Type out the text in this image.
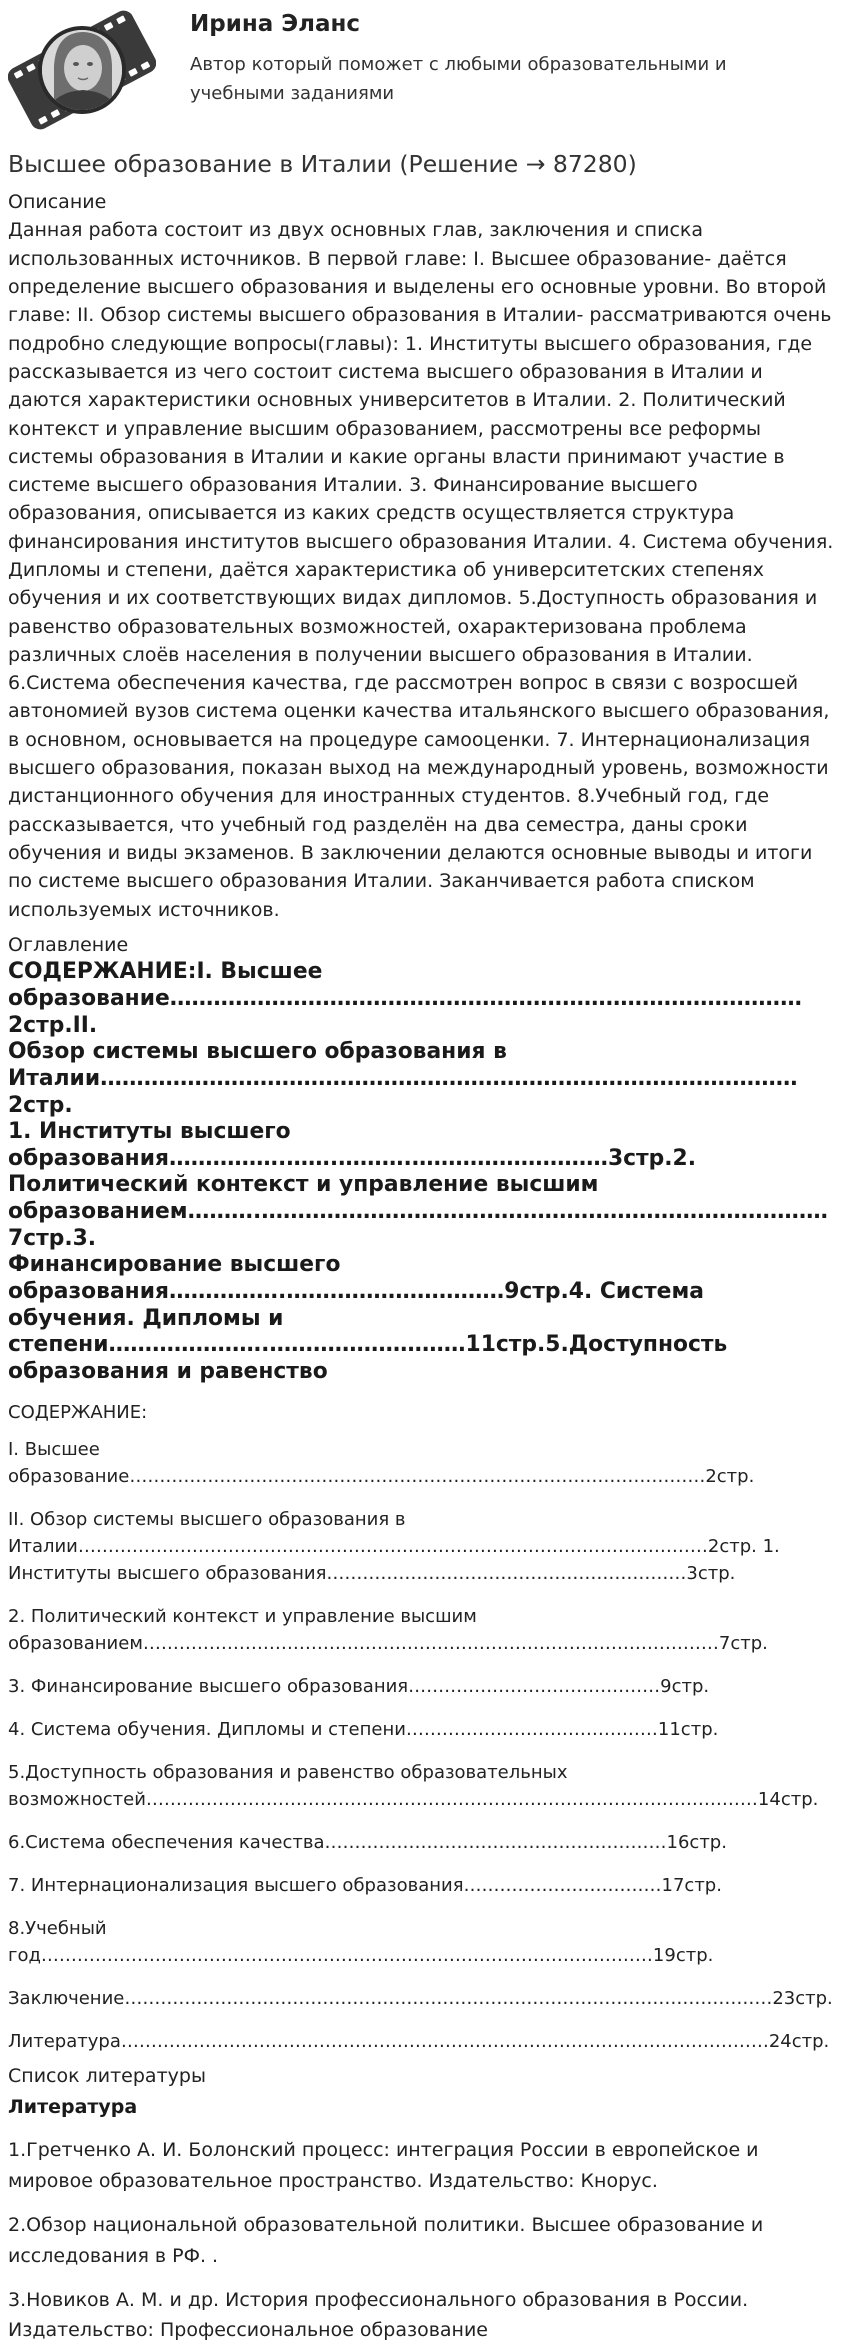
Ирина Эланс
Автор который поможет с любыми образовательными и учебными заданиями
Высшее образование в Италии (Решение → 87280)
Описание
Данная работа состоит из двух основных глав, заключения и списка использованных источников. В первой главе: I. Высшее образование- даётся определение высшего образования и выделены его основные уровни. Во второй главе: II. Обзор системы высшего образования в Италии- рассматриваются очень подробно следующие вопросы(главы): 1. Институты высшего образования, где рассказывается из чего состоит система высшего образования в Италии и даются характеристики основных университетов в Италии. 2. Политический контекст и управление высшим образованием, рассмотрены все реформы системы образования в Италии и какие органы власти принимают участие в системе высшего образования Италии. 3. Финансирование высшего образования, описывается из каких средств осуществляется структура финансирования институтов высшего образования Италии. 4. Система обучения. Дипломы и степени, даётся характеристика об университетских степенях обучения и их соответствующих видах дипломов. 5.Доступность образования и равенство образовательных возможностей, охарактеризована проблема различных слоёв населения в получении высшего образования в Италии. 6.Система обеспечения качества, где рассмотрен вопрос в связи с возросшей автономией вузов система оценки качества итальянского высшего образования, в основном, основывается на процедуре самооценки. 7. Интернационализация высшего образования, показан выход на международный уровень, возможности дистанционного обучения для иностранных студентов. 8.Учебный год, где рассказывается, что учебный год разделён на два семестра, даны сроки обучения и виды экзаменов. В заключении делаются основные выводы и итоги по системе высшего образования Италии. Заканчивается работа списком используемых источников.
Оглавление
СОДЕРЖАНИЕ:I. Высшее
образование……………………………………………………………………………2стр.II.
Обзор системы высшего образования в
Италии……………………………………………………………………………………2стр.
1. Институты высшего
образования…………….…….……….………………………3стр.2.
Политический контекст и управление высшим
образованием……….……………………………………………………………………7стр.3.
Финансирование высшего
образования…………….…………………………9стр.4. Система
обучения. Дипломы и
степени………………….………………………11стр.5.Доступность
образования и равенство
СОДЕРЖАНИЕ:
I. Высшее
образование……………………………………………………………………………………2стр.
II. Обзор системы высшего образования в
Италии……………………………………………………………………………………………2стр. 1.
Институты высшего образования……………………………………………………3стр.
2. Политический контекст и управление высшим
образованием……………………………………………………………………………………7стр.
3. Финансирование высшего образования……………………………………9стр.
4. Система обучения. Дипломы и степени……………………………………11стр.
5.Доступность образования и равенство образовательных
возможностей…………………………………………………………………………………………14стр.
6.Система обеспечения качества…………………………………………………16стр.
7. Интернационализация высшего образования……………………………17стр.
8.Учебный
год…………………………………………………………………………………………19стр.
Заключение………………………………………………………………………………………………23стр.
Литература………………………………………………………………………………………………24стр.
Список литературы
Литература
1.Гретченко А. И. Болонский процесс: интеграция России в европейское и мировое образовательное пространство. Издательство: Кнорус.
2.Обзор национальной образовательной политики. Высшее образование и исследования в РФ. .
3.Новиков А. М. и др. История профессионального образования в России. Издательство: Профессиональное образование
